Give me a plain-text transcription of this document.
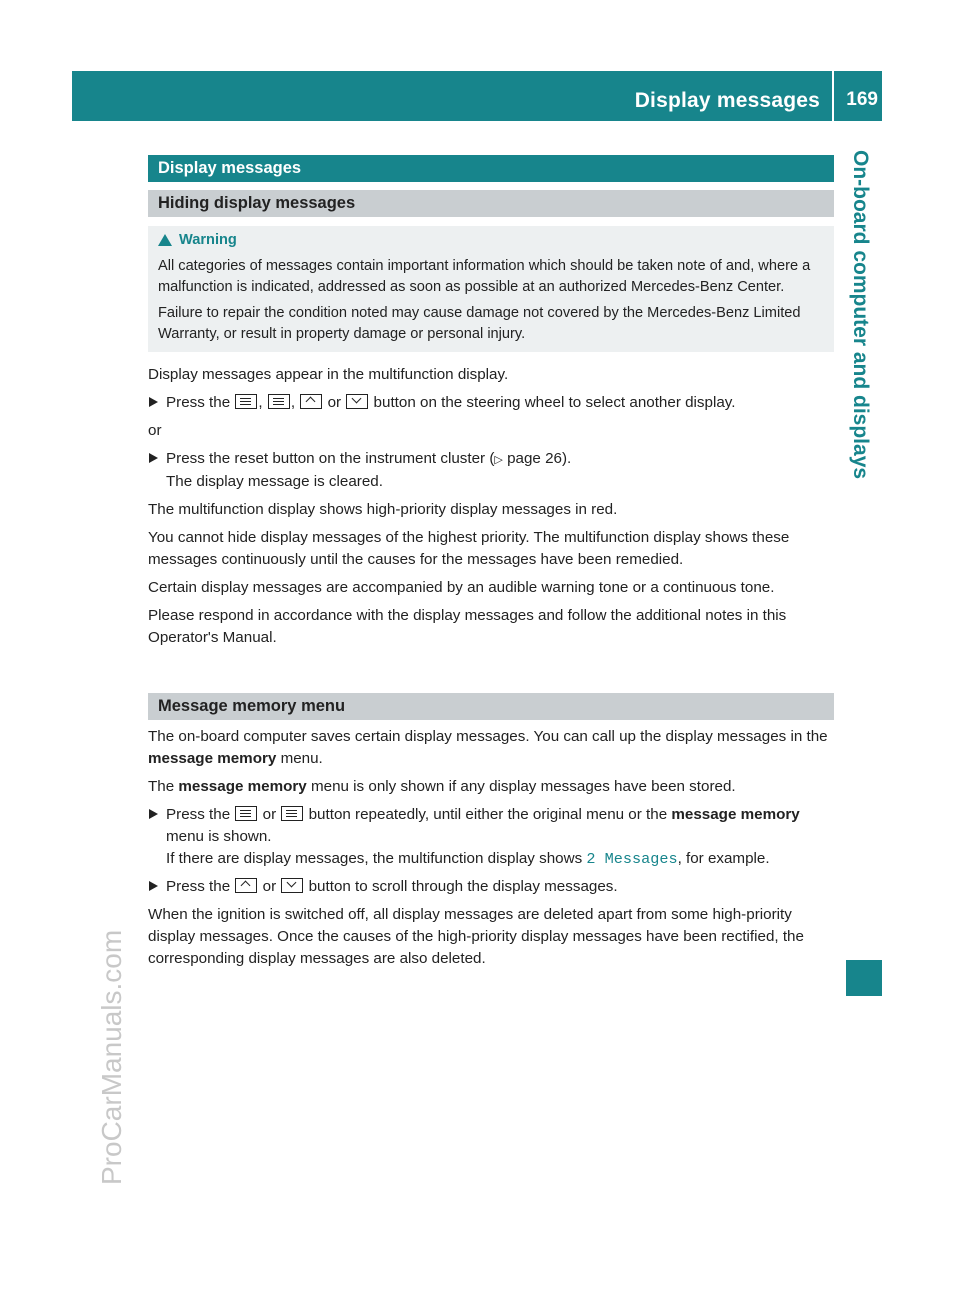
Display messages 169
On-board computer and displays
ProCarManuals.com
Display messages
Hiding display messages
Warning

All categories of messages contain important information which should be taken note of and, where a malfunction is indicated, addressed as soon as possible at an authorized Mercedes-Benz Center.

Failure to repair the condition noted may cause damage not covered by the Mercedes-Benz Limited Warranty, or result in property damage or personal injury.

Display messages appear in the multifunction display.

Press the , , or button on the steering wheel to select another display.

or

Press the reset button on the instrument cluster (▷ page 26).
The display message is cleared.

The multifunction display shows high-priority display messages in red.

You cannot hide display messages of the highest priority. The multifunction display shows these messages continuously until the causes for the messages have been remedied.

Certain display messages are accompanied by an audible warning tone or a continuous tone.

Please respond in accordance with the display messages and follow the additional notes in this Operator's Manual.

Message memory menu

The on-board computer saves certain display messages. You can call up the display messages in the message memory menu.

The message memory menu is only shown if any display messages have been stored.

Press the or button repeatedly, until either the original menu or the message memory menu is shown.
If there are display messages, the multifunction display shows 2 Messages, for example.
Press the or button to scroll through the display messages.

When the ignition is switched off, all display messages are deleted apart from some high-priority display messages. Once the causes of the high-priority display messages have been rectified, the corresponding display messages are also deleted.
